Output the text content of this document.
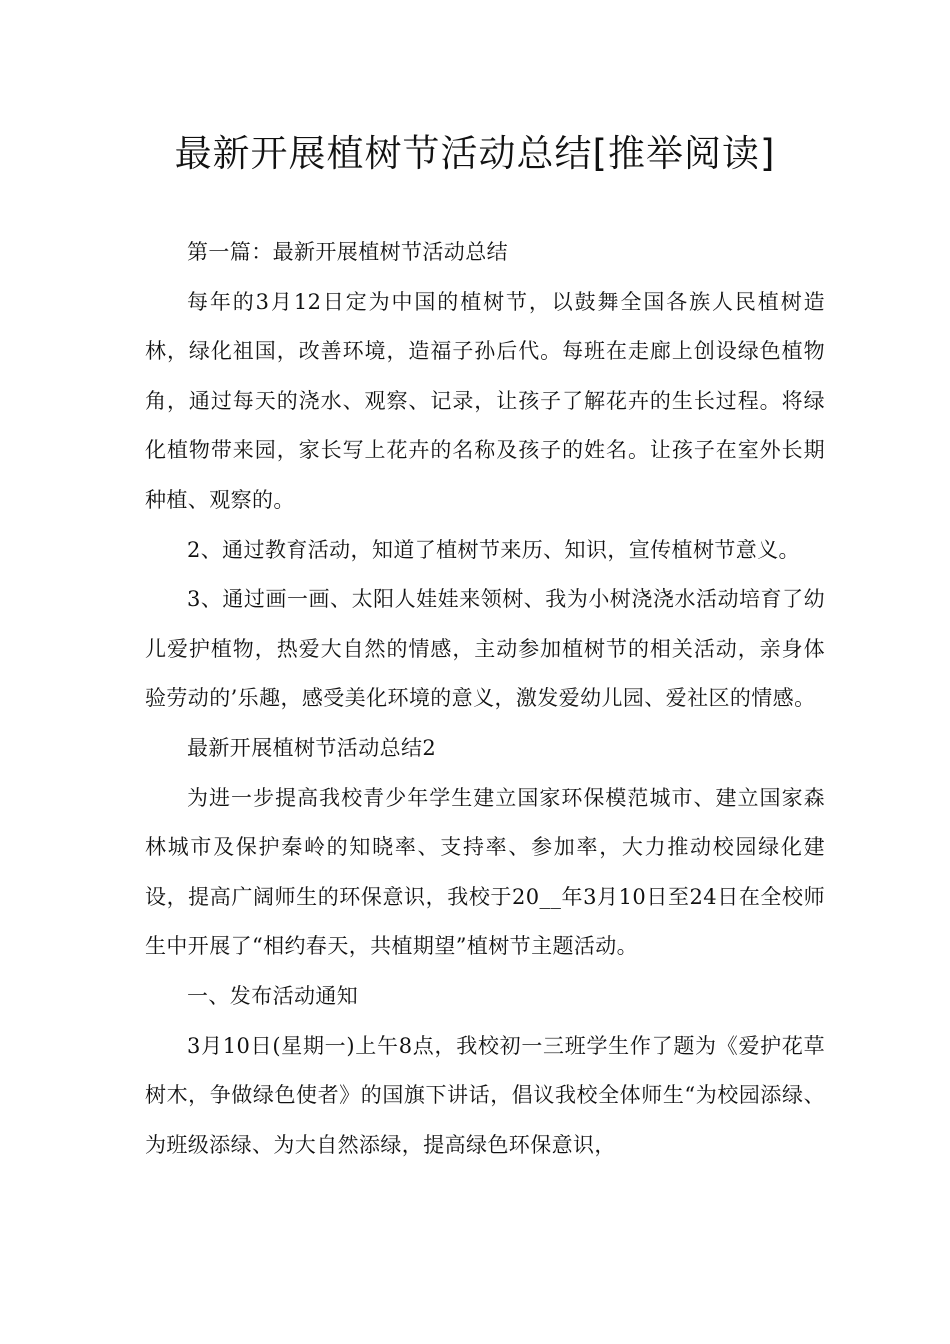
最新开展植树节活动总结[推举阅读]

第一篇：最新开展植树节活动总结

每年的3月12日定为中国的植树节，以鼓舞全国各族人民植树造林，绿化祖国，改善环境，造福子孙后代。每班在走廊上创设绿色植物角，通过每天的浇水、观察、记录，让孩子了解花卉的生长过程。将绿化植物带来园，家长写上花卉的名称及孩子的姓名。让孩子在室外长期种植、观察的。

2、通过教育活动，知道了植树节来历、知识，宣传植树节意义。

3、通过画一画、太阳人娃娃来领树、我为小树浇浇水活动培育了幼儿爱护植物，热爱大自然的情感，主动参加植树节的相关活动，亲身体验劳动的’乐趣，感受美化环境的意义，激发爱幼儿园、爱社区的情感。

最新开展植树节活动总结2

为进一步提高我校青少年学生建立国家环保模范城市、建立国家森林城市及保护秦岭的知晓率、支持率、参加率，大力推动校园绿化建设，提高广阔师生的环保意识，我校于20__年3月10日至24日在全校师生中开展了“相约春天，共植期望”植树节主题活动。

一、发布活动通知

3月10日(星期一)上午8点，我校初一三班学生作了题为《爱护花草树木，争做绿色使者》的国旗下讲话，倡议我校全体师生“为校园添绿、为班级添绿、为大自然添绿，提高绿色环保意识，
